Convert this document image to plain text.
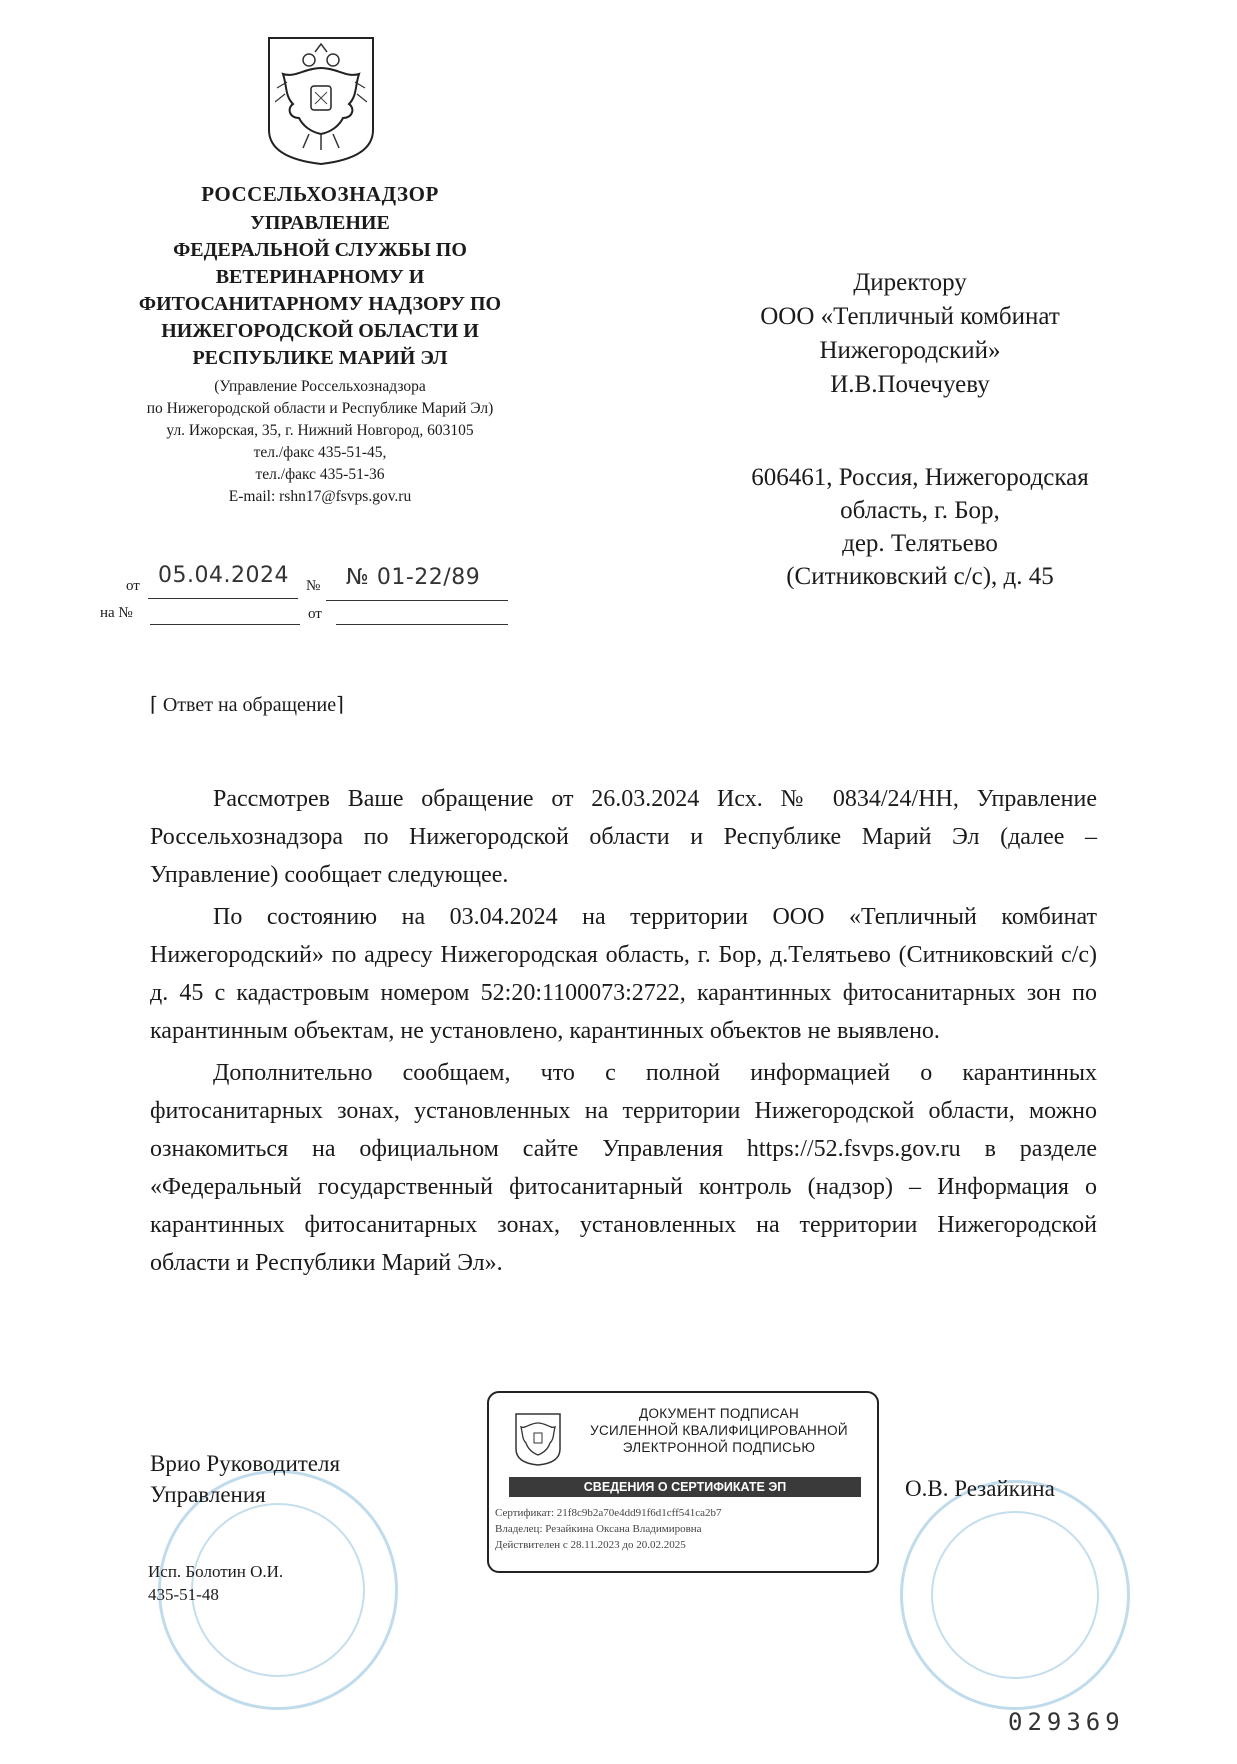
РОССЕЛЬХОЗНАДЗОР
УПРАВЛЕНИЕ
ФЕДЕРАЛЬНОЙ СЛУЖБЫ ПО
ВЕТЕРИНАРНОМУ И
ФИТОСАНИТАРНОМУ НАДЗОРУ ПО
НИЖЕГОРОДСКОЙ ОБЛАСТИ И
РЕСПУБЛИКЕ МАРИЙ ЭЛ
(Управление Россельхознадзора
по Нижегородской области и Республике Марий Эл)
ул. Ижорская, 35, г. Нижний Новгород, 603105
тел./факс 435-51-45,
тел./факс 435-51-36
E-mail: rshn17@fsvps.gov.ru
от 05.04.2024 № № 01-22/89
на №	от
Директору
ООО «Тепличный комбинат
Нижегородский»
И.В.Почечуеву
606461, Россия, Нижегородская
область, г. Бор,
дер. Телятьево
(Ситниковский с/с), д. 45
⌈ Ответ на обращение⌉

Рассмотрев Ваше обращение от 26.03.2024 Исх. № 0834/24/НН, Управление Россельхознадзора по Нижегородской области и Республике Марий Эл (далее – Управление) сообщает следующее.

По состоянию на 03.04.2024 на территории ООО «Тепличный комбинат Нижегородский» по адресу Нижегородская область, г. Бор, д.Телятьево (Ситниковский с/с) д. 45 с кадастровым номером 52:20:1100073:2722, карантинных фитосанитарных зон по карантинным объектам, не установлено, карантинных объектов не выявлено.

Дополнительно сообщаем, что с полной информацией о карантинных фитосанитарных зонах, установленных на территории Нижегородской области, можно ознакомиться на официальном сайте Управления https://52.fsvps.gov.ru в разделе «Федеральный государственный фитосанитарный контроль (надзор) – Информация о карантинных фитосанитарных зонах, установленных на территории Нижегородской области и Республики Марий Эл».

Врио Руководителя
Управления	О.В. Резайкина
Исп. Болотин О.И.
435-51-48
ДОКУМЕНТ ПОДПИСАН
УСИЛЕННОЙ КВАЛИФИЦИРОВАННОЙ
ЭЛЕКТРОННОЙ ПОДПИСЬЮ
СВЕДЕНИЯ О СЕРТИФИКАТЕ ЭП
Сертификат: 21f8c9b2a70e4dd91f6d1cff541ca2b7
Владелец: Резайкина Оксана Владимировна
Действителен с 28.11.2023 до 20.02.2025
029369
